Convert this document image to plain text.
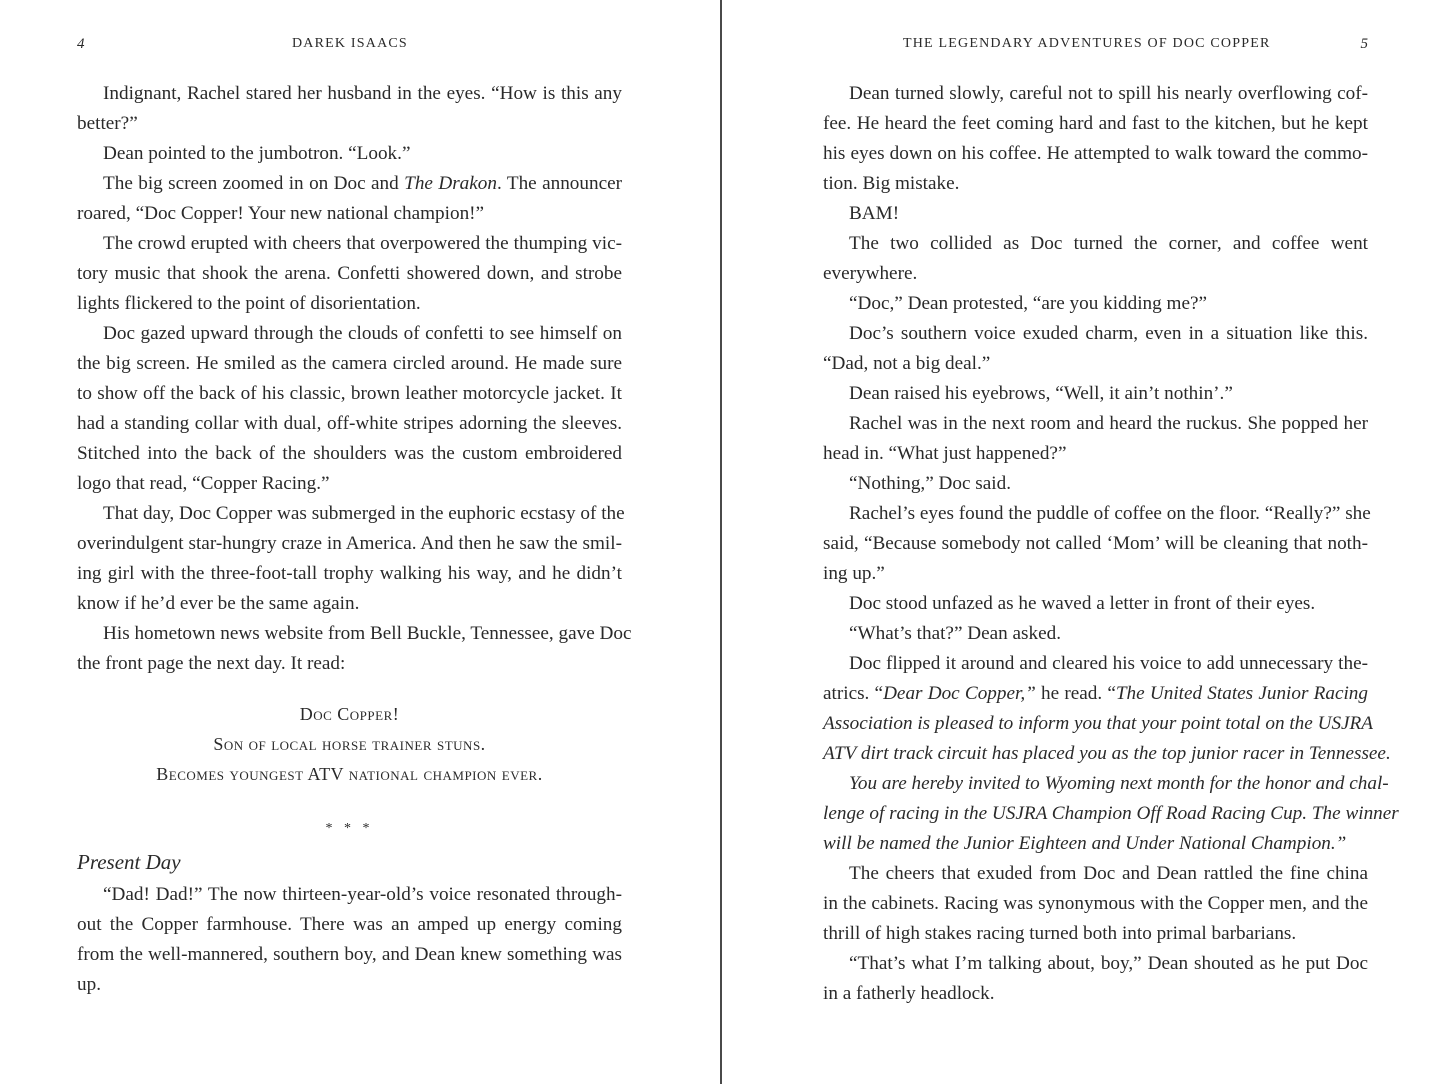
4	DAREK ISAACS
Indignant, Rachel stared her husband in the eyes. “How is this any
better?”
Dean pointed to the jumbotron. “Look.”
The big screen zoomed in on Doc and The Drakon. The announcer
roared, “Doc Copper! Your new national champion!”
The crowd erupted with cheers that overpowered the thumping vic-
tory music that shook the arena. Confetti showered down, and strobe
lights flickered to the point of disorientation.
Doc gazed upward through the clouds of confetti to see himself on
the big screen. He smiled as the camera circled around. He made sure
to show off the back of his classic, brown leather motorcycle jacket. It
had a standing collar with dual, off-white stripes adorning the sleeves.
Stitched into the back of the shoulders was the custom embroidered
logo that read, “Copper Racing.”
That day, Doc Copper was submerged in the euphoric ecstasy of the
overindulgent star-hungry craze in America. And then he saw the smil-
ing girl with the three-foot-tall trophy walking his way, and he didn’t
know if he’d ever be the same again.
His hometown news website from Bell Buckle, Tennessee, gave Doc
the front page the next day. It read:
Doc Copper!
Son of local horse trainer stuns.
Becomes youngest ATV national champion ever.
* * *
Present Day
“Dad! Dad!” The now thirteen-year-old’s voice resonated through-
out the Copper farmhouse. There was an amped up energy coming
from the well-mannered, southern boy, and Dean knew something was
up.
THE LEGENDARY ADVENTURES OF DOC COPPER	5
Dean turned slowly, careful not to spill his nearly overflowing cof-
fee. He heard the feet coming hard and fast to the kitchen, but he kept
his eyes down on his coffee. He attempted to walk toward the commo-
tion. Big mistake.
BAM!
The two collided as Doc turned the corner, and coffee went
everywhere.
“Doc,” Dean protested, “are you kidding me?”
Doc’s southern voice exuded charm, even in a situation like this.
“Dad, not a big deal.”
Dean raised his eyebrows, “Well, it ain’t nothin’.”
Rachel was in the next room and heard the ruckus. She popped her
head in. “What just happened?”
“Nothing,” Doc said.
Rachel’s eyes found the puddle of coffee on the floor. “Really?” she
said, “Because somebody not called ‘Mom’ will be cleaning that noth-
ing up.”
Doc stood unfazed as he waved a letter in front of their eyes.
“What’s that?” Dean asked.
Doc flipped it around and cleared his voice to add unnecessary the-
atrics. “Dear Doc Copper,” he read. “The United States Junior Racing
Association is pleased to inform you that your point total on the USJRA
ATV dirt track circuit has placed you as the top junior racer in Tennessee.
You are hereby invited to Wyoming next month for the honor and chal-
lenge of racing in the USJRA Champion Off Road Racing Cup. The winner
will be named the Junior Eighteen and Under National Champion.”
The cheers that exuded from Doc and Dean rattled the fine china
in the cabinets. Racing was synonymous with the Copper men, and the
thrill of high stakes racing turned both into primal barbarians.
“That’s what I’m talking about, boy,” Dean shouted as he put Doc
in a fatherly headlock.
